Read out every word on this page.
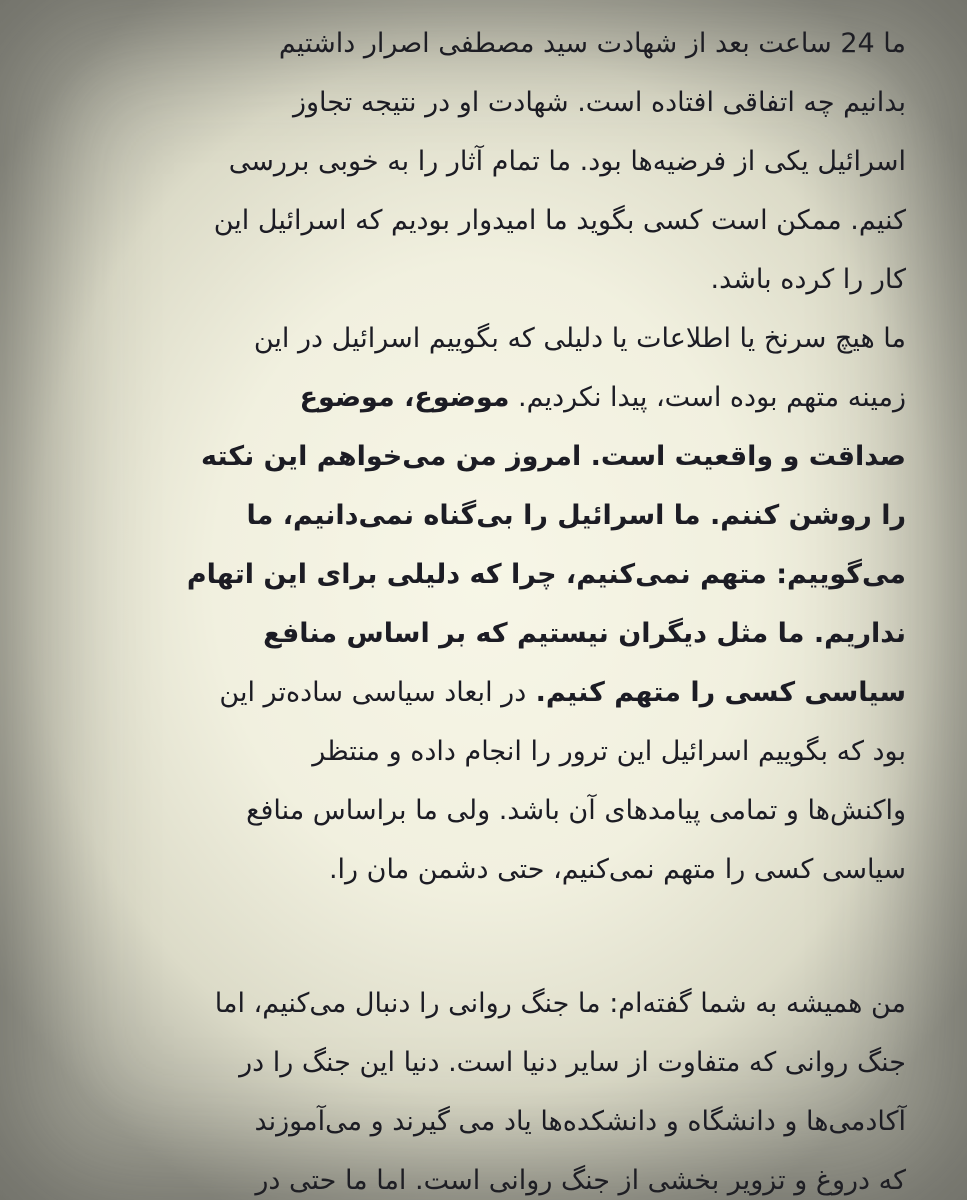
ما 24 ساعت بعد از شهادت سید مصطفی اصرار داشتیم
بدانیم چه اتفاقی افتاده است. شهادت او در نتیجه تجاوز
اسرائیل یکی از فرضیه‌ها بود. ما تمام آثار را به خوبی بررسی
کنیم. ممکن است کسی بگوید ما امیدوار بودیم که اسرائیل این
کار را کرده باشد.
ما هیچ سرنخ یا اطلاعات یا دلیلی که بگوییم اسرائیل در این
زمینه متهم بوده است، پیدا نکردیم. موضوع، موضوع
صداقت و واقعیت است. امروز من می‌خواهم این نکته
را روشن کننم. ما اسرائیل را بی‌گناه نمی‌دانیم، ما
می‌گوییم: متهم نمی‌کنیم، چرا که دلیلی برای این اتهام
نداریم. ما مثل دیگران نیستیم که بر اساس منافع
سیاسی کسی را متهم کنیم. در ابعاد سیاسی ساده‌تر این
بود که بگوییم اسرائیل این ترور را انجام داده و منتظر
واکنش‌ها و تمامی پیامدهای آن باشد. ولی ما براساس منافع
سیاسی کسی را متهم نمی‌کنیم، حتی دشمن مان را.
من همیشه به شما گفته‌ام: ما جنگ روانی را دنبال می‌کنیم، اما
جنگ روانی که متفاوت از سایر دنیا است. دنیا این جنگ را در
آکادمی‌ها و دانشگاه و دانشکده‌ها یاد می گیرند و می‌آموزند
که دروغ و تزویر بخشی از جنگ روانی است. اما ما حتی در
